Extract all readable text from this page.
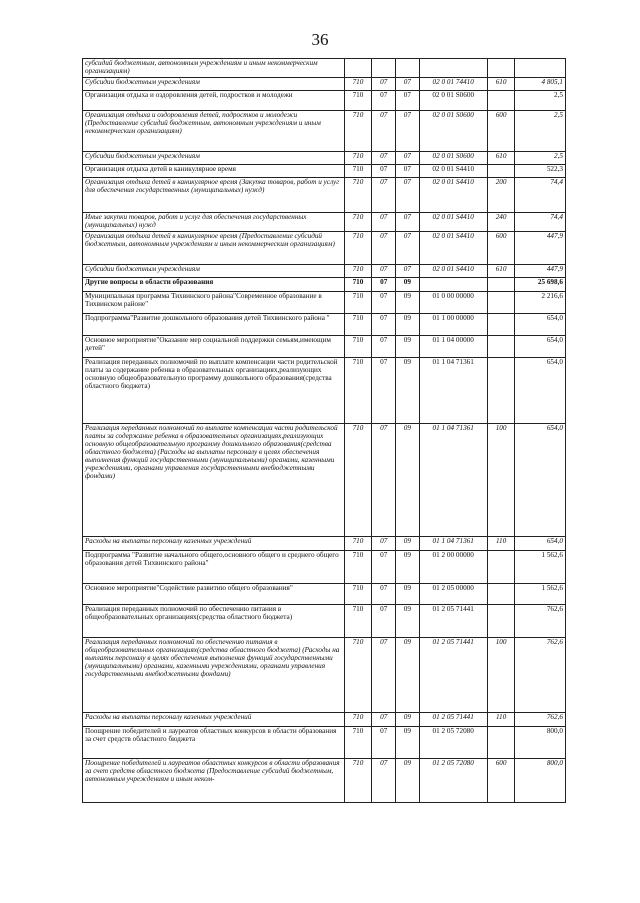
36
субсидий бюджетным, автономным учреждениям и иным некоммерческим организациям)						
Субсидии бюджетным учреждениям	710	07	07	02 0 01 74410	610	4 805,1
Организация отдыха и оздоровления детей, подростков и молодежи	710	07	07	02 0 01 S0600		2,5
Организация отдыха и оздоровления детей, подростков и молодежи (Предоставление субсидий бюджетным, автономным учреждениям и иным некоммерческим организациям)	710	07	07	02 0 01 S0600	600	2,5
Субсидии бюджетным учреждениям	710	07	07	02 0 01 S0600	610	2,5
Организация отдыха детей в каникулярное время	710	07	07	02 0 01 S4410		522,3
Организация отдыха детей в каникулярное время (Закупка товаров, работ и услуг для обеспечения государственных (муниципальных) нужд)	710	07	07	02 0 01 S4410	200	74,4
Иные закупки товаров, работ и услуг для обеспечения государственных (муниципальных) нужд	710	07	07	02 0 01 S4410	240	74,4
Организация отдыха детей в каникулярное время (Предоставление субсидий бюджетным, автономным учреждениям и иным некоммерческим организациям)	710	07	07	02 0 01 S4410	600	447,9
Субсидии бюджетным учреждениям	710	07	07	02 0 01 S4410	610	447,9
Другие вопросы в области образования	710	07	09			25 698,6
Муниципальная программа Тихвинского района"Современное образование в Тихвинском районе"	710	07	09	01 0 00 00000		2 216,6
Подпрограмма"Развитие дошкольного образования детей Тихвинского района "	710	07	09	01 1 00 00000		654,0
Основное мероприятие"Оказание мер социальной поддержки семьям,имеющим детей"	710	07	09	01 1 04 00000		654,0
Реализация переданных полномочий по выплате компенсации части родительской платы за содержание ребенка в образовательных организациях,реализующих основную общеобразовательную программу дошкольного образования(средства областного бюджета)	710	07	09	01 1 04 71361		654,0
Реализация переданных полномочий по выплате компенсации части родительской платы за содержание ребенка в образовательных организациях,реализующих основную общеобразовательную программу дошкольного образования(средства областного бюджета) (Расходы на выплаты персоналу в целях обеспечения выполнения функций государственными (муниципальными) органами, казенными учреждениями, органами управления государственными внебюджетными фондами)	710	07	09	01 1 04 71361	100	654,0
Расходы на выплаты персоналу казенных учреждений	710	07	09	01 1 04 71361	110	654,0
Подпрограмма "Развитие начального общего,основного общего и среднего общего образования детей Тихвинского района"	710	07	09	01 2 00 00000		1 562,6
Основное мероприятие"Содействие развитию общего образования"	710	07	09	01 2 05 00000		1 562,6
Реализация переданных полномочий по обеспечению питания в общеобразовательных организациях(средства областного бюджета)	710	07	09	01 2 05 71441		762,6
Реализация переданных полномочий по обеспечению питания в общеобразовательных организациях(средства областного бюджета) (Расходы на выплаты персоналу в целях обеспечения выполнения функций государственными (муниципальными) органами, казенными учреждениями, органами управления государственными внебюджетными фондами)	710	07	09	01 2 05 71441	100	762,6
Расходы на выплаты персоналу казенных учреждений	710	07	09	01 2 05 71441	110	762,6
Поощрение победителей и лауреатов областных конкурсов в области образования за счет средств областного бюджета	710	07	09	01 2 05 72080		800,0
Поощрение победителей и лауреатов областных конкурсов в области образования за счет средств областного бюджета (Предоставление субсидий бюджетным, автономным учреждениям и иным неком-	710	07	09	01 2 05 72080	600	800,0
